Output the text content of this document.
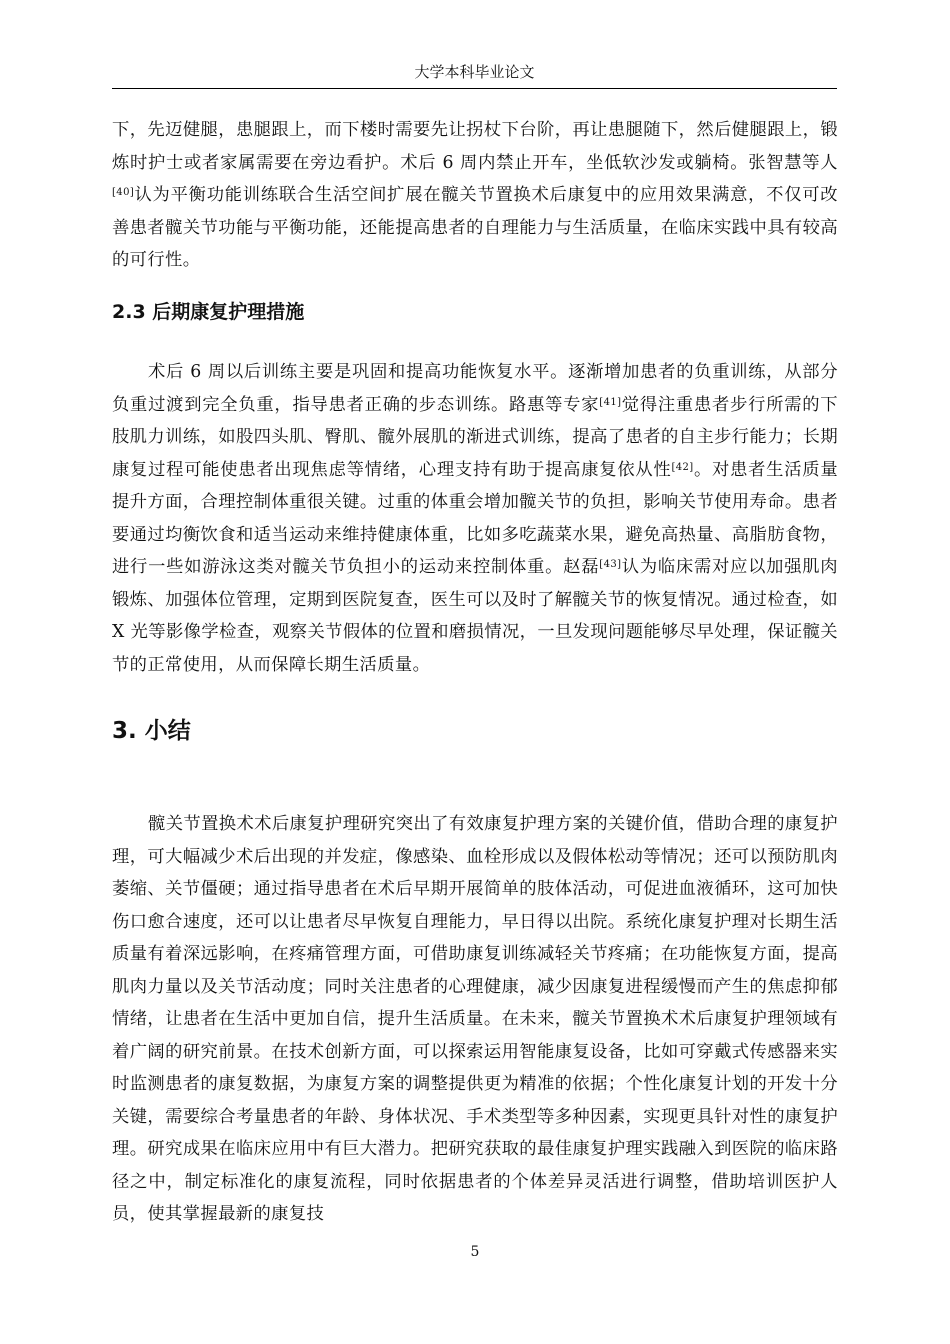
大学本科毕业论文

下，先迈健腿，患腿跟上，而下楼时需要先让拐杖下台阶，再让患腿随下，然后健腿跟上，锻炼时护士或者家属需要在旁边看护。术后 6 周内禁止开车，坐低软沙发或躺椅。张智慧等人[40]认为平衡功能训练联合生活空间扩展在髋关节置换术后康复中的应用效果满意，不仅可改善患者髋关节功能与平衡功能，还能提高患者的自理能力与生活质量，在临床实践中具有较高的可行性。

2.3 后期康复护理措施

术后 6 周以后训练主要是巩固和提高功能恢复水平。逐渐增加患者的负重训练，从部分负重过渡到完全负重，指导患者正确的步态训练。路惠等专家[41]觉得注重患者步行所需的下肢肌力训练，如股四头肌、臀肌、髋外展肌的渐进式训练，提高了患者的自主步行能力；长期康复过程可能使患者出现焦虑等情绪，心理支持有助于提高康复依从性[42]。对患者生活质量提升方面，合理控制体重很关键。过重的体重会增加髋关节的负担，影响关节使用寿命。患者要通过均衡饮食和适当运动来维持健康体重，比如多吃蔬菜水果，避免高热量、高脂肪食物，进行一些如游泳这类对髋关节负担小的运动来控制体重。赵磊[43]认为临床需对应以加强肌肉锻炼、加强体位管理，定期到医院复查，医生可以及时了解髋关节的恢复情况。通过检查，如 X 光等影像学检查，观察关节假体的位置和磨损情况，一旦发现问题能够尽早处理，保证髋关节的正常使用，从而保障长期生活质量。

3. 小结

髋关节置换术术后康复护理研究突出了有效康复护理方案的关键价值，借助合理的康复护理，可大幅减少术后出现的并发症，像感染、血栓形成以及假体松动等情况；还可以预防肌肉萎缩、关节僵硬；通过指导患者在术后早期开展简单的肢体活动，可促进血液循环，这可加快伤口愈合速度，还可以让患者尽早恢复自理能力，早日得以出院。系统化康复护理对长期生活质量有着深远影响，在疼痛管理方面，可借助康复训练减轻关节疼痛；在功能恢复方面，提高肌肉力量以及关节活动度；同时关注患者的心理健康，减少因康复进程缓慢而产生的焦虑抑郁情绪，让患者在生活中更加自信，提升生活质量。在未来，髋关节置换术术后康复护理领域有着广阔的研究前景。在技术创新方面，可以探索运用智能康复设备，比如可穿戴式传感器来实时监测患者的康复数据，为康复方案的调整提供更为精准的依据；个性化康复计划的开发十分关键，需要综合考量患者的年龄、身体状况、手术类型等多种因素，实现更具针对性的康复护理。研究成果在临床应用中有巨大潜力。把研究获取的最佳康复护理实践融入到医院的临床路径之中，制定标准化的康复流程，同时依据患者的个体差异灵活进行调整，借助培训医护人员，使其掌握最新的康复技

5
